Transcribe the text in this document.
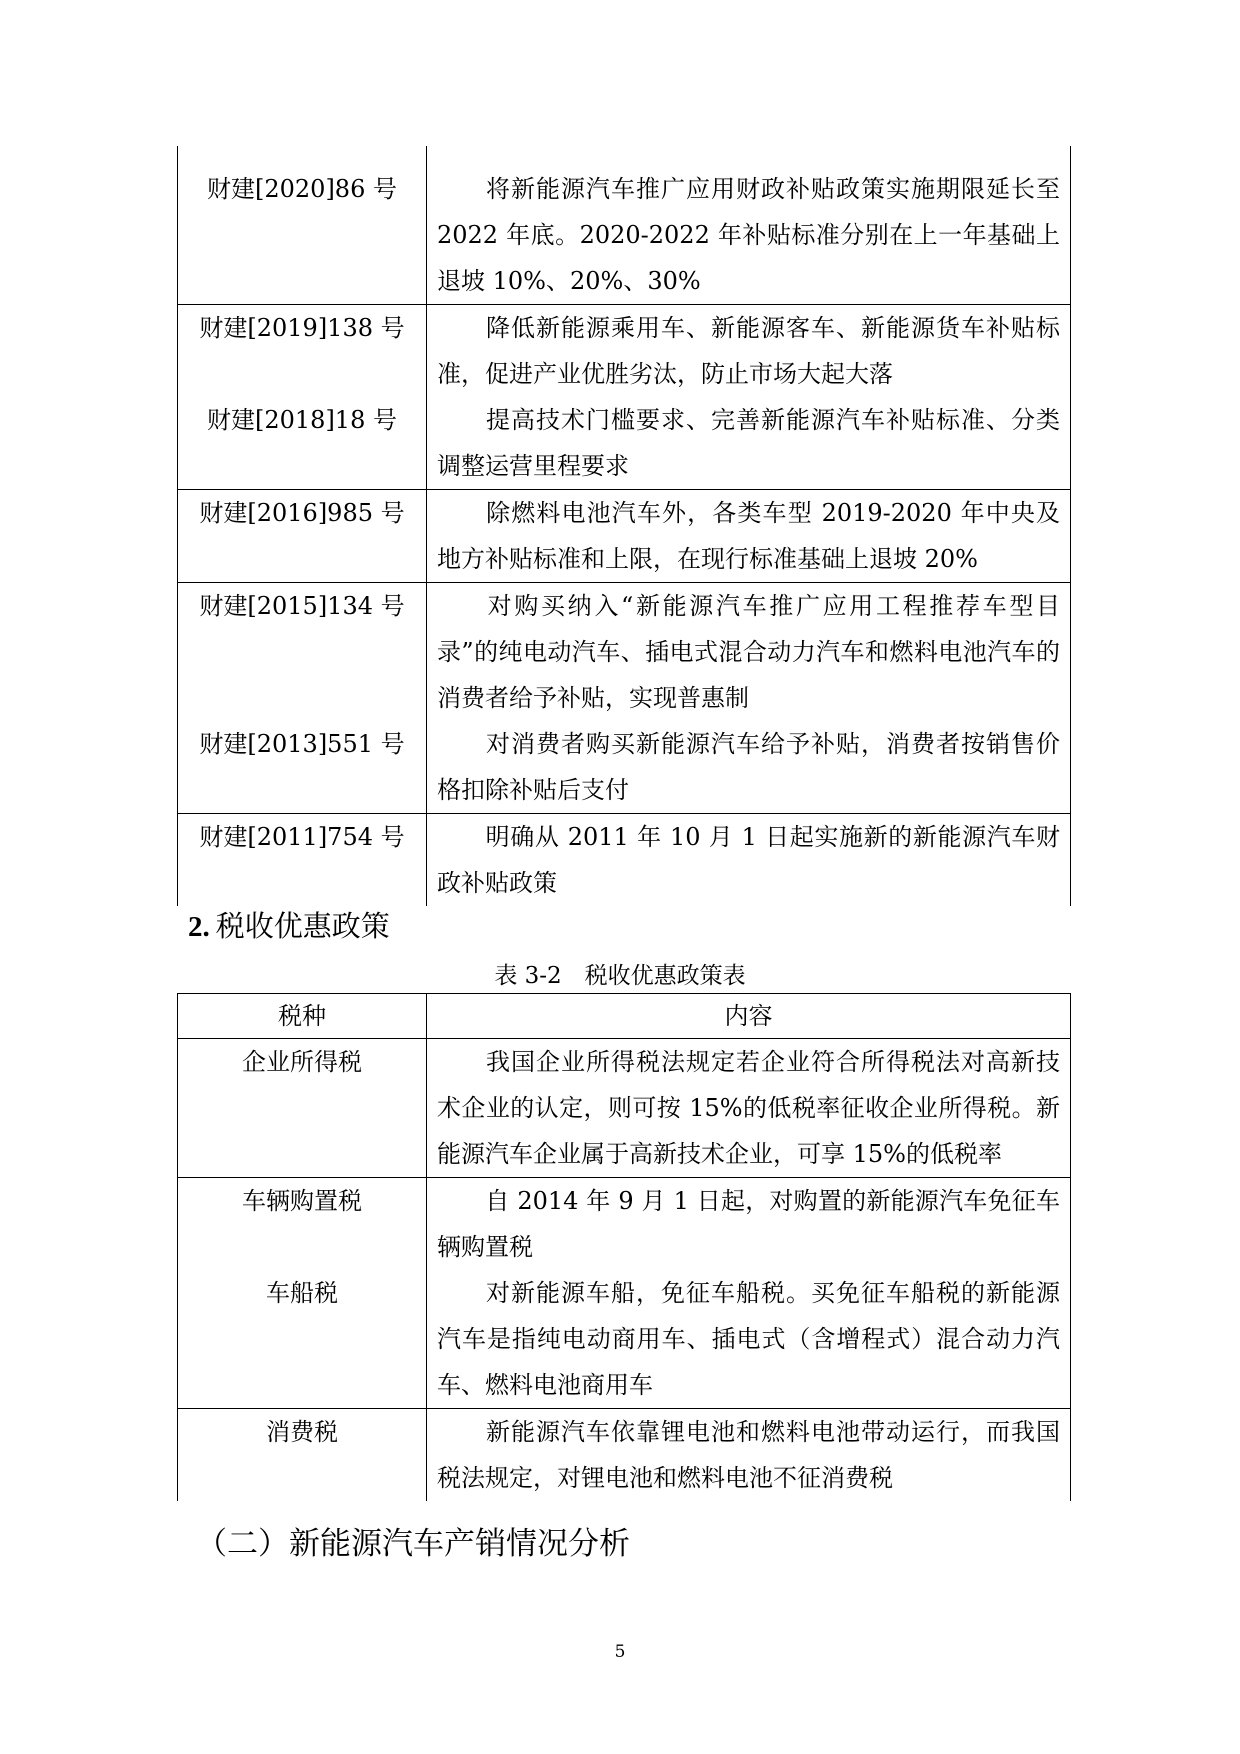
财建[2020]86 号	将新能源汽车推广应用财政补贴政策实施期限延长至 2022 年底。2020-2022 年补贴标准分别在上一年基础上退坡 10%、20%、30%
财建[2019]138 号	降低新能源乘用车、新能源客车、新能源货车补贴标准，促进产业优胜劣汰，防止市场大起大落
财建[2018]18 号	提高技术门槛要求、完善新能源汽车补贴标准、分类调整运营里程要求
财建[2016]985 号	除燃料电池汽车外，各类车型 2019-2020 年中央及地方补贴标准和上限，在现行标准基础上退坡 20%
财建[2015]134 号	对购买纳入“新能源汽车推广应用工程推荐车型目录”的纯电动汽车、插电式混合动力汽车和燃料电池汽车的消费者给予补贴，实现普惠制
财建[2013]551 号	对消费者购买新能源汽车给予补贴，消费者按销售价格扣除补贴后支付
财建[2011]754 号	明确从 2011 年 10 月 1 日起实施新的新能源汽车财政补贴政策
2. 税收优惠政策
表 3-2　税收优惠政策表
税种	内容
企业所得税	我国企业所得税法规定若企业符合所得税法对高新技术企业的认定，则可按 15%的低税率征收企业所得税。新能源汽车企业属于高新技术企业，可享 15%的低税率
车辆购置税	自 2014 年 9 月 1 日起，对购置的新能源汽车免征车辆购置税
车船税	对新能源车船，免征车船税。买免征车船税的新能源汽车是指纯电动商用车、插电式（含增程式）混合动力汽车、燃料电池商用车
消费税	新能源汽车依靠锂电池和燃料电池带动运行，而我国税法规定，对锂电池和燃料电池不征消费税
（二）新能源汽车产销情况分析
5
